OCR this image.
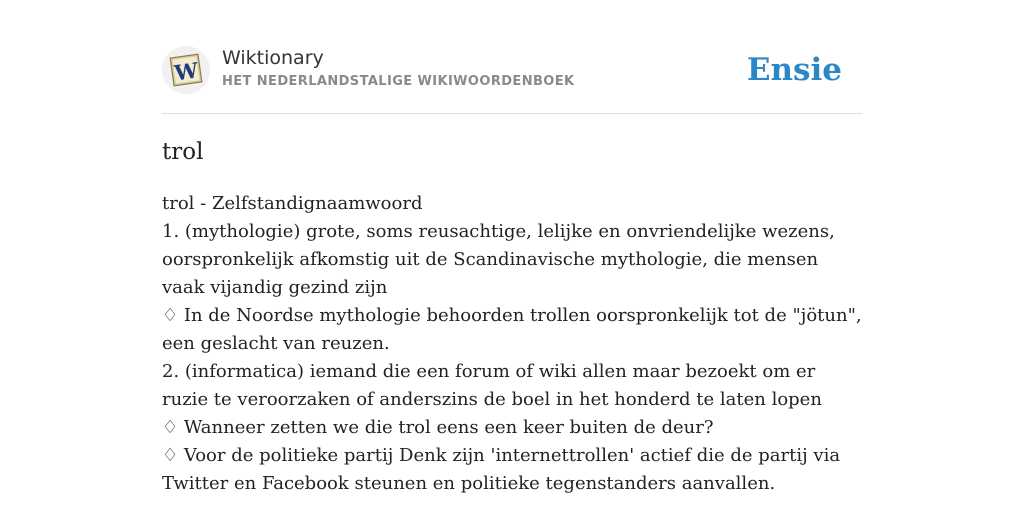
W Wiktionary
HET NEDERLANDSTALIGE WIKIWOORDENBOEK	Ensie
trol
trol - Zelfstandignaamwoord
1. (mythologie) grote, soms reusachtige, lelijke en onvriendelijke wezens, oorspronkelijk afkomstig uit de Scandinavische mythologie, die mensen vaak vijandig gezind zijn
♢ In de Noordse mythologie behoorden trollen oorspronkelijk tot de "jötun", een geslacht van reuzen.
2. (informatica) iemand die een forum of wiki allen maar bezoekt om er ruzie te veroorzaken of anderszins de boel in het honderd te laten lopen
♢ Wanneer zetten we die trol eens een keer buiten de deur?
♢ Voor de politieke partij Denk zijn 'internettrollen' actief die de partij via Twitter en Facebook steunen en politieke tegenstanders aanvallen.
